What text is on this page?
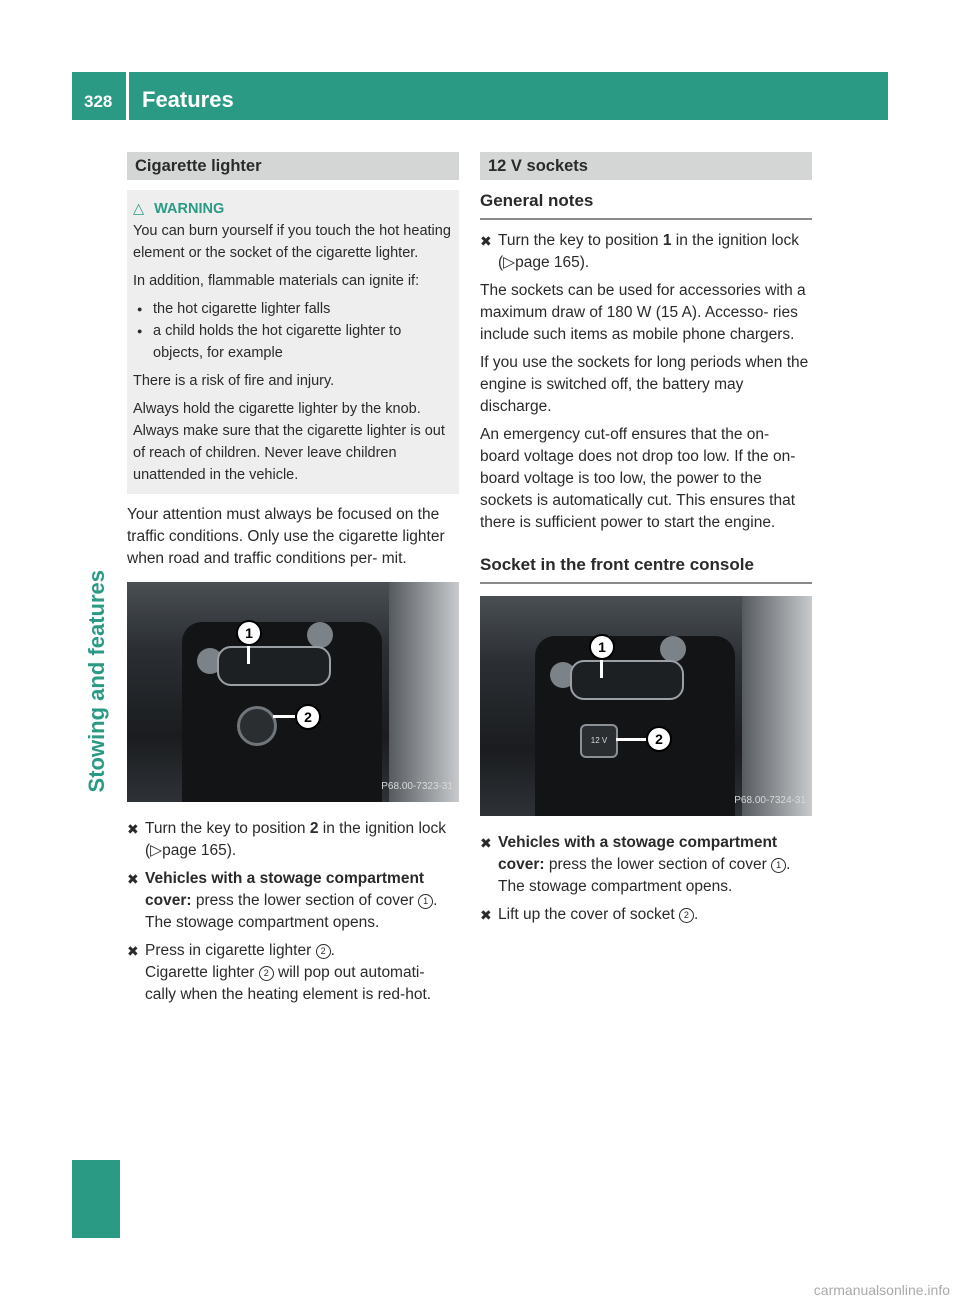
328 Features
Stowing and features
Cigarette lighter
△ WARNING

You can burn yourself if you touch the hot heating element or the socket of the cigarette lighter.

In addition, flammable materials can ignite if:

● the hot cigarette lighter falls
● a child holds the hot cigarette lighter to objects, for example

There is a risk of fire and injury.

Always hold the cigarette lighter by the knob. Always make sure that the cigarette lighter is out of reach of children. Never leave children unattended in the vehicle.

Your attention must always be focused on the traffic conditions. Only use the cigarette lighter when road and traffic conditions per- mit.

1
2
P68.00-7323-31
✖ Turn the key to position 2 in the ignition lock (▷page 165).
✖ Vehicles with a stowage compartment cover: press the lower section of cover 1 .
The stowage compartment opens.
✖ Press in cigarette lighter 2 .
Cigarette lighter 2 will pop out automati- cally when the heating element is red-hot.
12 V sockets
General notes
✖ Turn the key to position 1 in the ignition lock (▷page 165).

The sockets can be used for accessories with a maximum draw of 180 W (15 A). Accesso- ries include such items as mobile phone chargers.

If you use the sockets for long periods when the engine is switched off, the battery may discharge.

An emergency cut-off ensures that the on- board voltage does not drop too low. If the on- board voltage is too low, the power to the sockets is automatically cut. This ensures that there is sufficient power to start the engine.

Socket in the front centre console
12 V
1
2
P68.00-7324-31
✖ Vehicles with a stowage compartment cover: press the lower section of cover 1 .
The stowage compartment opens.
✖ Lift up the cover of socket 2 .
carmanualsonline.info
